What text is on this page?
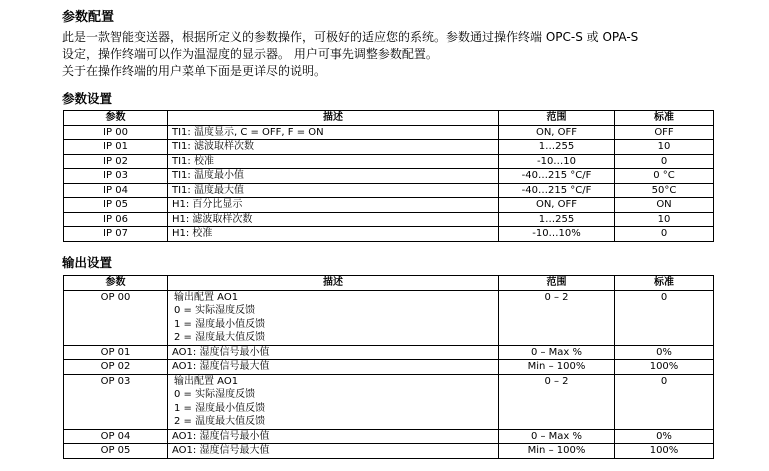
参数配置
此是一款智能变送器，根据所定义的参数操作，可极好的适应您的系统。参数通过操作终端 OPC-S 或 OPA-S
设定，操作终端可以作为温湿度的显示器。 用户可事先调整参数配置。
关于在操作终端的用户菜单下面是更详尽的说明。
参数设置
参数	描述	范围	标准
IP 00	TI1: 温度显示, C = OFF, F = ON	ON, OFF	OFF
IP 01	TI1: 滤波取样次数	1…255	10
IP 02	TI1: 校准	-10…10	0
IP 03	TI1: 温度最小值	-40…215 °C/F	0 °C
IP 04	TI1: 温度最大值	-40…215 °C/F	50°C
IP 05	H1: 百分比显示	ON, OFF	ON
IP 06	H1: 滤波取样次数	1…255	10
IP 07	H1: 校准	-10…10%	0
输出设置
参数	描述	范围	标准
OP 00	输出配置 AO1
0 = 实际湿度反馈
1 = 湿度最小值反馈
2 = 湿度最大值反馈	0 – 2	0
OP 01	AO1: 湿度信号最小值	0 – Max %	0%
OP 02	AO1: 湿度信号最大值	Min – 100%	100%
OP 03	输出配置 AO1
0 = 实际湿度反馈
1 = 湿度最小值反馈
2 = 温度最大值反馈	0 – 2	0
OP 04	AO1: 湿度信号最小值	0 – Max %	0%
OP 05	AO1: 湿度信号最大值	Min – 100%	100%
